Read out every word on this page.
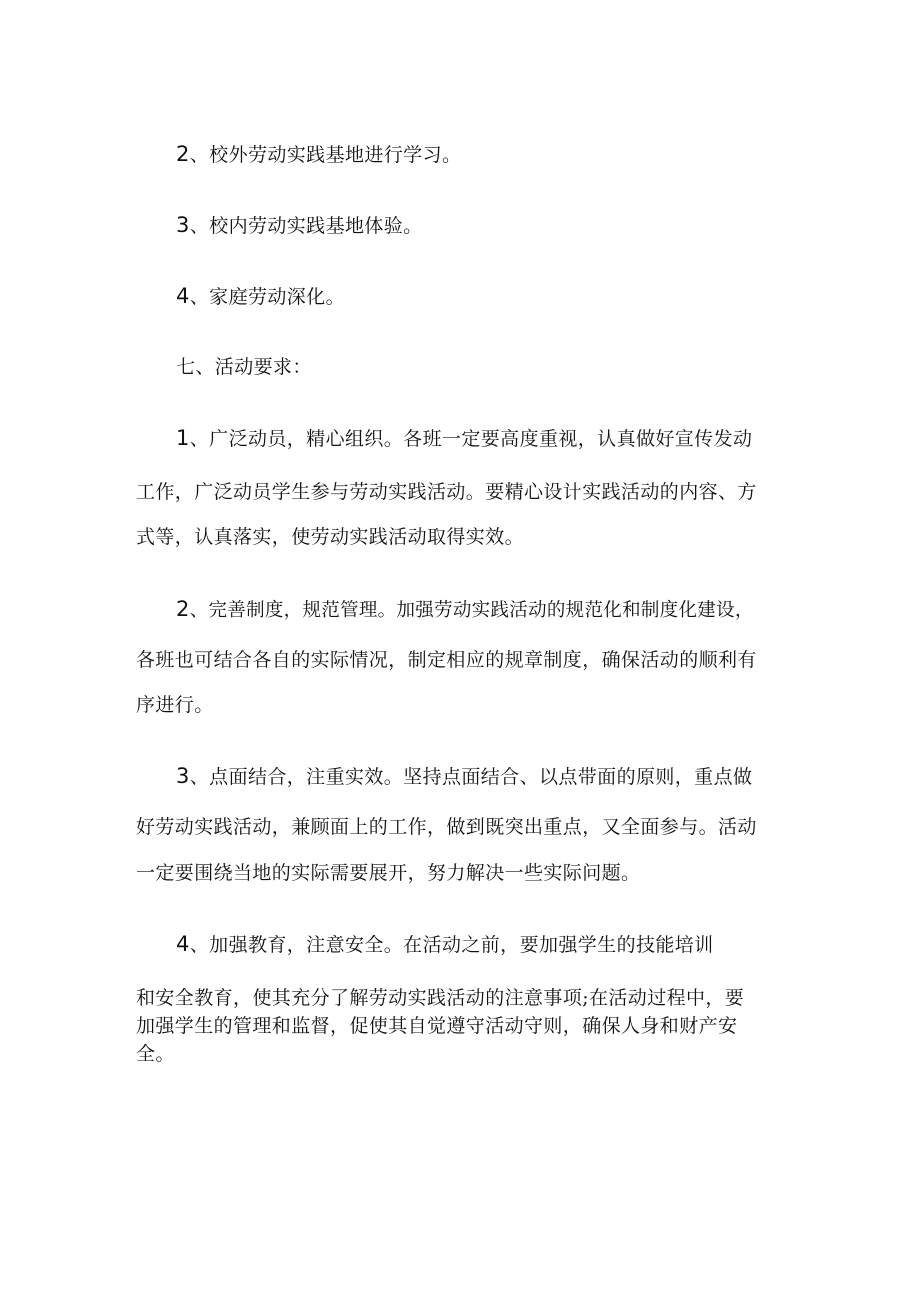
2、校外劳动实践基地进行学习。
3、校内劳动实践基地体验。
4、家庭劳动深化。
七、活动要求：
1、广泛动员，精心组织。各班一定要高度重视，认真做好宣传发动
工作，广泛动员学生参与劳动实践活动。要精心设计实践活动的内容、方
式等，认真落实，使劳动实践活动取得实效。
2、完善制度，规范管理。加强劳动实践活动的规范化和制度化建设，
各班也可结合各自的实际情况，制定相应的规章制度，确保活动的顺利有
序进行。
3、点面结合，注重实效。坚持点面结合、以点带面的原则，重点做
好劳动实践活动，兼顾面上的工作，做到既突出重点，又全面参与。活动
一定要围绕当地的实际需要展开，努力解决一些实际问题。
4、加强教育，注意安全。在活动之前，要加强学生的技能培训
和安全教育，使其充分了解劳动实践活动的注意事项;在活动过程中，要
加强学生的管理和监督，促使其自觉遵守活动守则，确保人身和财产安
全。
